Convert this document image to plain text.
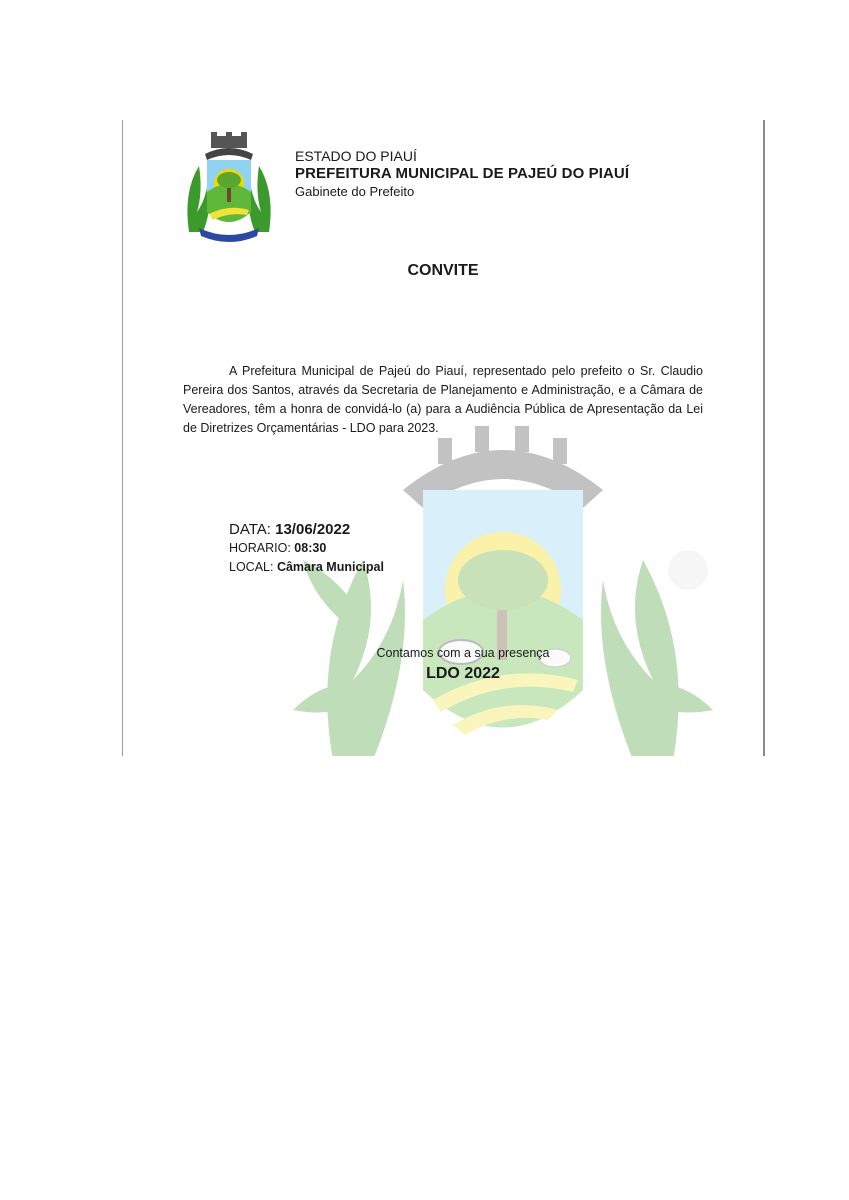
ESTADO DO PIAUÍ
PREFEITURA MUNICIPAL DE PAJEÚ DO PIAUÍ
Gabinete do Prefeito
CONVITE
A Prefeitura Municipal de Pajeú do Piauí, representado pelo prefeito o Sr. Claudio Pereira dos Santos, através da Secretaria de Planejamento e Administração, e a Câmara de Vereadores, têm a honra de convidá-lo (a) para a Audiência Pública de Apresentação da Lei de Diretrizes Orçamentárias - LDO para 2023.
DATA: 13/06/2022
HORARIO: 08:30
LOCAL: Câmara Municipal
Contamos com a sua presença
LDO 2022
